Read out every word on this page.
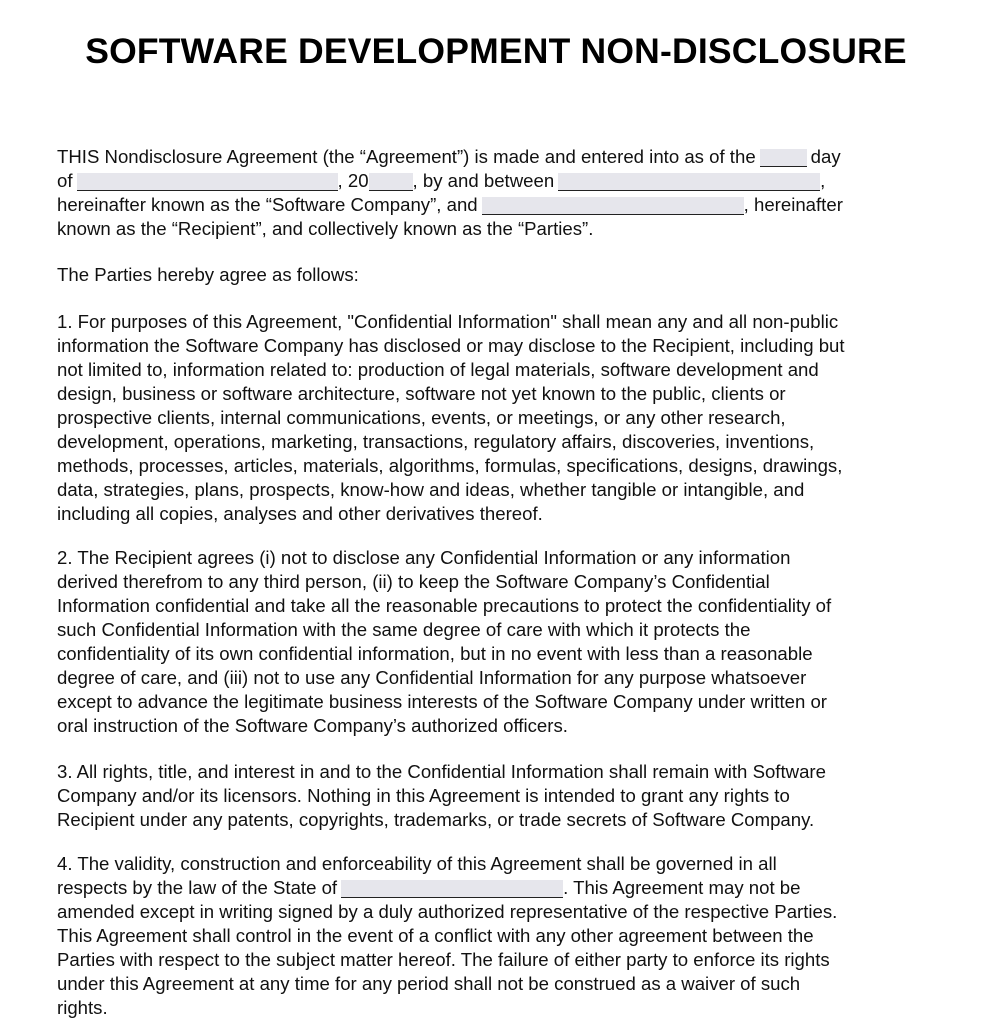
SOFTWARE DEVELOPMENT NON-DISCLOSURE
THIS Nondisclosure Agreement (the “Agreement”) is made and entered into as of the	day
of	, 20 , by and between	,
hereinafter known as the “Software Company”, and	, hereinafter
known as the “Recipient”, and collectively known as the “Parties”.
The Parties hereby agree as follows:
1. For purposes of this Agreement, "Confidential Information" shall mean any and all non-public
information the Software Company has disclosed or may disclose to the Recipient, including but
not limited to, information related to: production of legal materials, software development and
design, business or software architecture, software not yet known to the public, clients or
prospective clients, internal communications, events, or meetings, or any other research,
development, operations, marketing, transactions, regulatory affairs, discoveries, inventions,
methods, processes, articles, materials, algorithms, formulas, specifications, designs, drawings,
data, strategies, plans, prospects, know-how and ideas, whether tangible or intangible, and
including all copies, analyses and other derivatives thereof.
2. The Recipient agrees (i) not to disclose any Confidential Information or any information
derived therefrom to any third person, (ii) to keep the Software Company’s Confidential
Information confidential and take all the reasonable precautions to protect the confidentiality of
such Confidential Information with the same degree of care with which it protects the
confidentiality of its own confidential information, but in no event with less than a reasonable
degree of care, and (iii) not to use any Confidential Information for any purpose whatsoever
except to advance the legitimate business interests of the Software Company under written or
oral instruction of the Software Company’s authorized officers.
3. All rights, title, and interest in and to the Confidential Information shall remain with Software
Company and/or its licensors. Nothing in this Agreement is intended to grant any rights to
Recipient under any patents, copyrights, trademarks, or trade secrets of Software Company.
4. The validity, construction and enforceability of this Agreement shall be governed in all
respects by the law of the State of	. This Agreement may not be
amended except in writing signed by a duly authorized representative of the respective Parties.
This Agreement shall control in the event of a conflict with any other agreement between the
Parties with respect to the subject matter hereof. The failure of either party to enforce its rights
under this Agreement at any time for any period shall not be construed as a waiver of such
rights.
